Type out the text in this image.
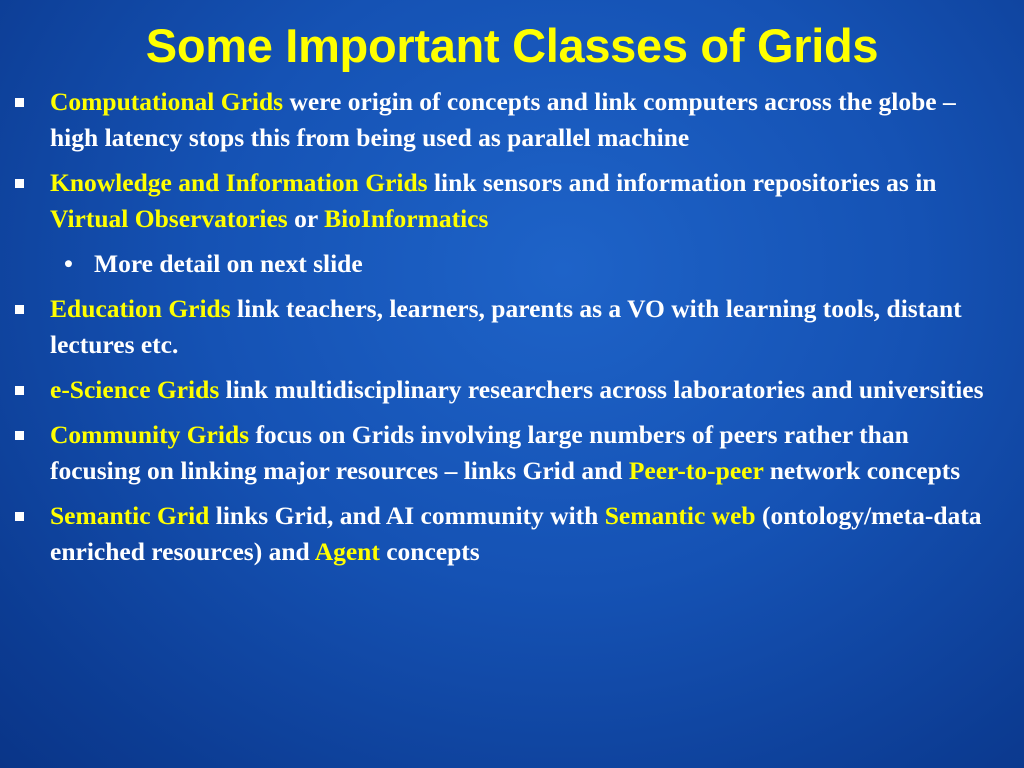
Some Important Classes of Grids
Computational Grids were origin of concepts and link computers across the globe – high latency stops this from being used as parallel machine
Knowledge and Information Grids link sensors and information repositories as in Virtual Observatories or BioInformatics
• More detail on next slide
Education Grids link teachers, learners, parents as a VO with learning tools, distant lectures etc.
e-Science Grids link multidisciplinary researchers across laboratories and universities
Community Grids focus on Grids involving large numbers of peers rather than focusing on linking major resources – links Grid and Peer-to-peer network concepts
Semantic Grid links Grid, and AI community with Semantic web (ontology/meta-data enriched resources) and Agent concepts
